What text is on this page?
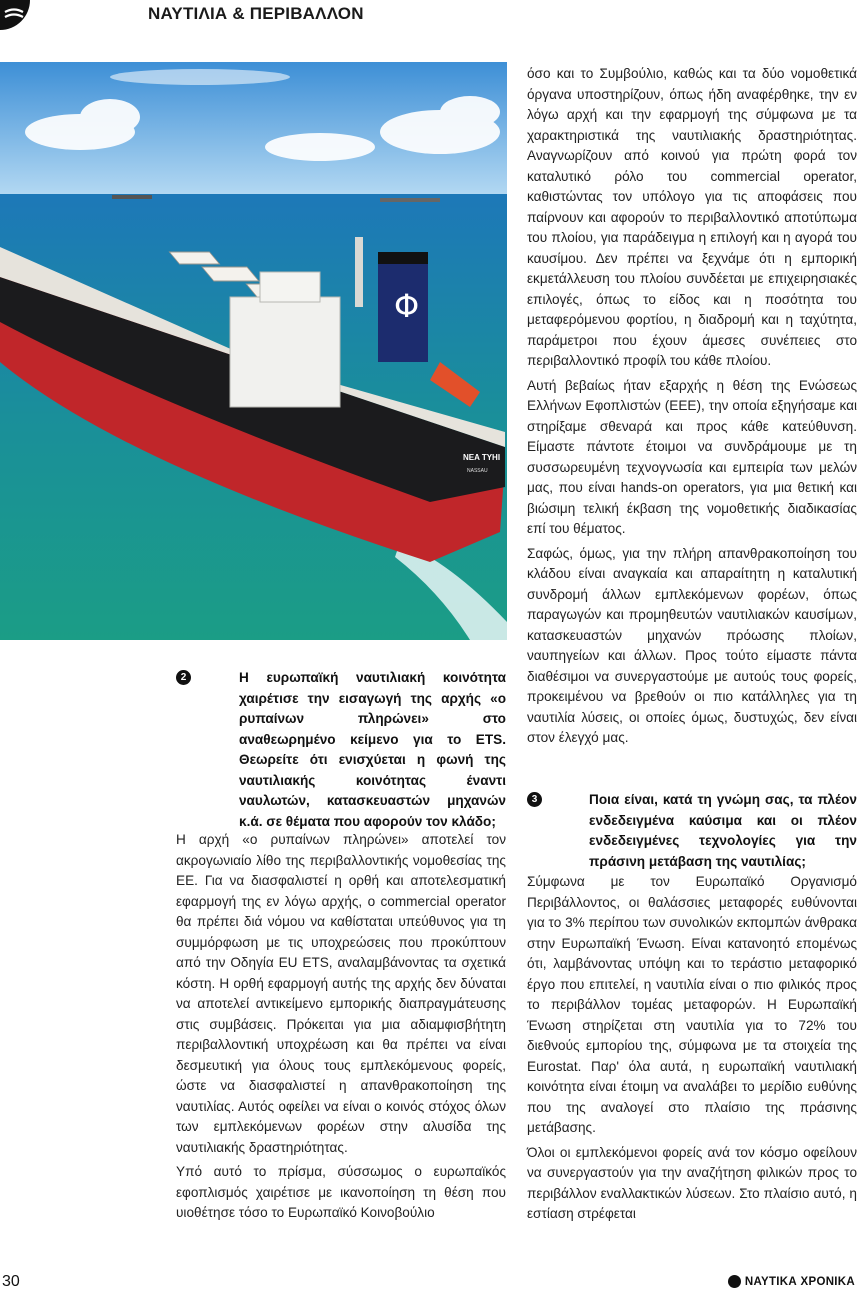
ΝΑΥΤΙΛΙΑ & ΠΕΡΙΒΑΛΛΟΝ
Φ
NEA TYHI
NASSAU
2	Η ευρωπαϊκή ναυτιλιακή κοινότητα χαιρέτισε την εισαγωγή της αρχής «ο ρυπαίνων πληρώνει» στο αναθεωρημένο κείμενο για το ETS. Θεωρείτε ότι ενισχύεται η φωνή της ναυτιλιακής κοινότητας έναντι ναυλωτών, κατασκευαστών μηχανών κ.ά. σε θέματα που αφορούν τον κλάδο;

Η αρχή «ο ρυπαίνων πληρώνει» αποτελεί τον ακρογωνιαίο λίθο της περιβαλλοντικής νομοθεσίας της ΕΕ. Για να διασφαλιστεί η ορθή και αποτελεσματική εφαρμογή της εν λόγω αρχής, ο commercial operator θα πρέπει διά νόμου να καθίσταται υπεύθυνος για τη συμμόρφωση με τις υποχρεώσεις που προκύπτουν από την Οδηγία EU ETS, αναλαμβάνοντας τα σχετικά κόστη. Η ορθή εφαρμογή αυτής της αρχής δεν δύναται να αποτελεί αντικείμενο εμπορικής διαπραγμάτευσης στις συμβάσεις. Πρόκειται για μια αδιαμφισβήτητη περιβαλλοντική υποχρέωση και θα πρέπει να είναι δεσμευτική για όλους τους εμπλεκόμενους φορείς, ώστε να διασφαλιστεί η απανθρακοποίηση της ναυτιλίας. Αυτός οφείλει να είναι ο κοινός στόχος όλων των εμπλεκόμενων φορέων στην αλυσίδα της ναυτιλιακής δραστηριότητας.

Υπό αυτό το πρίσμα, σύσσωμος ο ευρωπαϊκός εφοπλισμός χαιρέτισε με ικανοποίηση τη θέση που υιοθέτησε τόσο το Ευρωπαϊκό Κοινοβούλιο

όσο και το Συμβούλιο, καθώς και τα δύο νομοθετικά όργανα υποστηρίζουν, όπως ήδη αναφέρθηκε, την εν λόγω αρχή και την εφαρμογή της σύμφωνα με τα χαρακτηριστικά της ναυτιλιακής δραστηριότητας. Αναγνωρίζουν από κοινού για πρώτη φορά τον καταλυτικό ρόλο του commercial operator, καθιστώντας τον υπόλογο για τις αποφάσεις που παίρνουν και αφορούν το περιβαλλοντικό αποτύπωμα του πλοίου, για παράδειγμα η επιλογή και η αγορά του καυσίμου. Δεν πρέπει να ξεχνάμε ότι η εμπορική εκμετάλλευση του πλοίου συνδέεται με επιχειρησιακές επιλογές, όπως το είδος και η ποσότητα του μεταφερόμενου φορτίου, η διαδρομή και η ταχύτητα, παράμετροι που έχουν άμεσες συνέπειες στο περιβαλλοντικό προφίλ του κάθε πλοίου.

Αυτή βεβαίως ήταν εξαρχής η θέση της Ενώσεως Ελλήνων Εφοπλιστών (ΕΕΕ), την οποία εξηγήσαμε και στηρίξαμε σθεναρά και προς κάθε κατεύθυνση. Είμαστε πάντοτε έτοιμοι να συνδράμουμε με τη συσσωρευμένη τεχνογνωσία και εμπειρία των μελών μας, που είναι hands-on operators, για μια θετική και βιώσιμη τελική έκβαση της νομοθετικής διαδικασίας επί του θέματος.

Σαφώς, όμως, για την πλήρη απανθρακοποίηση του κλάδου είναι αναγκαία και απαραίτητη η καταλυτική συνδρομή άλλων εμπλεκόμενων φορέων, όπως παραγωγών και προμηθευτών ναυτιλιακών καυσίμων, κατασκευαστών μηχανών πρόωσης πλοίων, ναυπηγείων και άλλων. Προς τούτο είμαστε πάντα διαθέσιμοι να συνεργαστούμε με αυτούς τους φορείς, προκειμένου να βρεθούν οι πιο κατάλληλες για τη ναυτιλία λύσεις, οι οποίες όμως, δυστυχώς, δεν είναι στον έλεγχό μας.

3	Ποια είναι, κατά τη γνώμη σας, τα πλέον ενδεδειγμένα καύσιμα και οι πλέον ενδεδειγμένες τεχνολογίες για την πράσινη μετάβαση της ναυτιλίας;

Σύμφωνα με τον Ευρωπαϊκό Οργανισμό Περιβάλλοντος, οι θαλάσσιες μεταφορές ευθύνονται για το 3% περίπου των συνολικών εκπομπών άνθρακα στην Ευρωπαϊκή Ένωση. Είναι κατανοητό επομένως ότι, λαμβάνοντας υπόψη και το τεράστιο μεταφορικό έργο που επιτελεί, η ναυτιλία είναι ο πιο φιλικός προς το περιβάλλον τομέας μεταφορών. Η Ευρωπαϊκή Ένωση στηρίζεται στη ναυτιλία για το 72% του διεθνούς εμπορίου της, σύμφωνα με τα στοιχεία της Eurostat. Παρ' όλα αυτά, η ευρωπαϊκή ναυτιλιακή κοινότητα είναι έτοιμη να αναλάβει το μερίδιο ευθύνης που της αναλογεί στο πλαίσιο της πράσινης μετάβασης.

Όλοι οι εμπλεκόμενοι φορείς ανά τον κόσμο οφείλουν να συνεργαστούν για την αναζήτηση φιλικών προς το περιβάλλον εναλλακτικών λύσεων. Στο πλαίσιο αυτό, η εστίαση στρέφεται

30	ΝΑΥΤΙΚΑ ΧΡΟΝΙΚΑ
